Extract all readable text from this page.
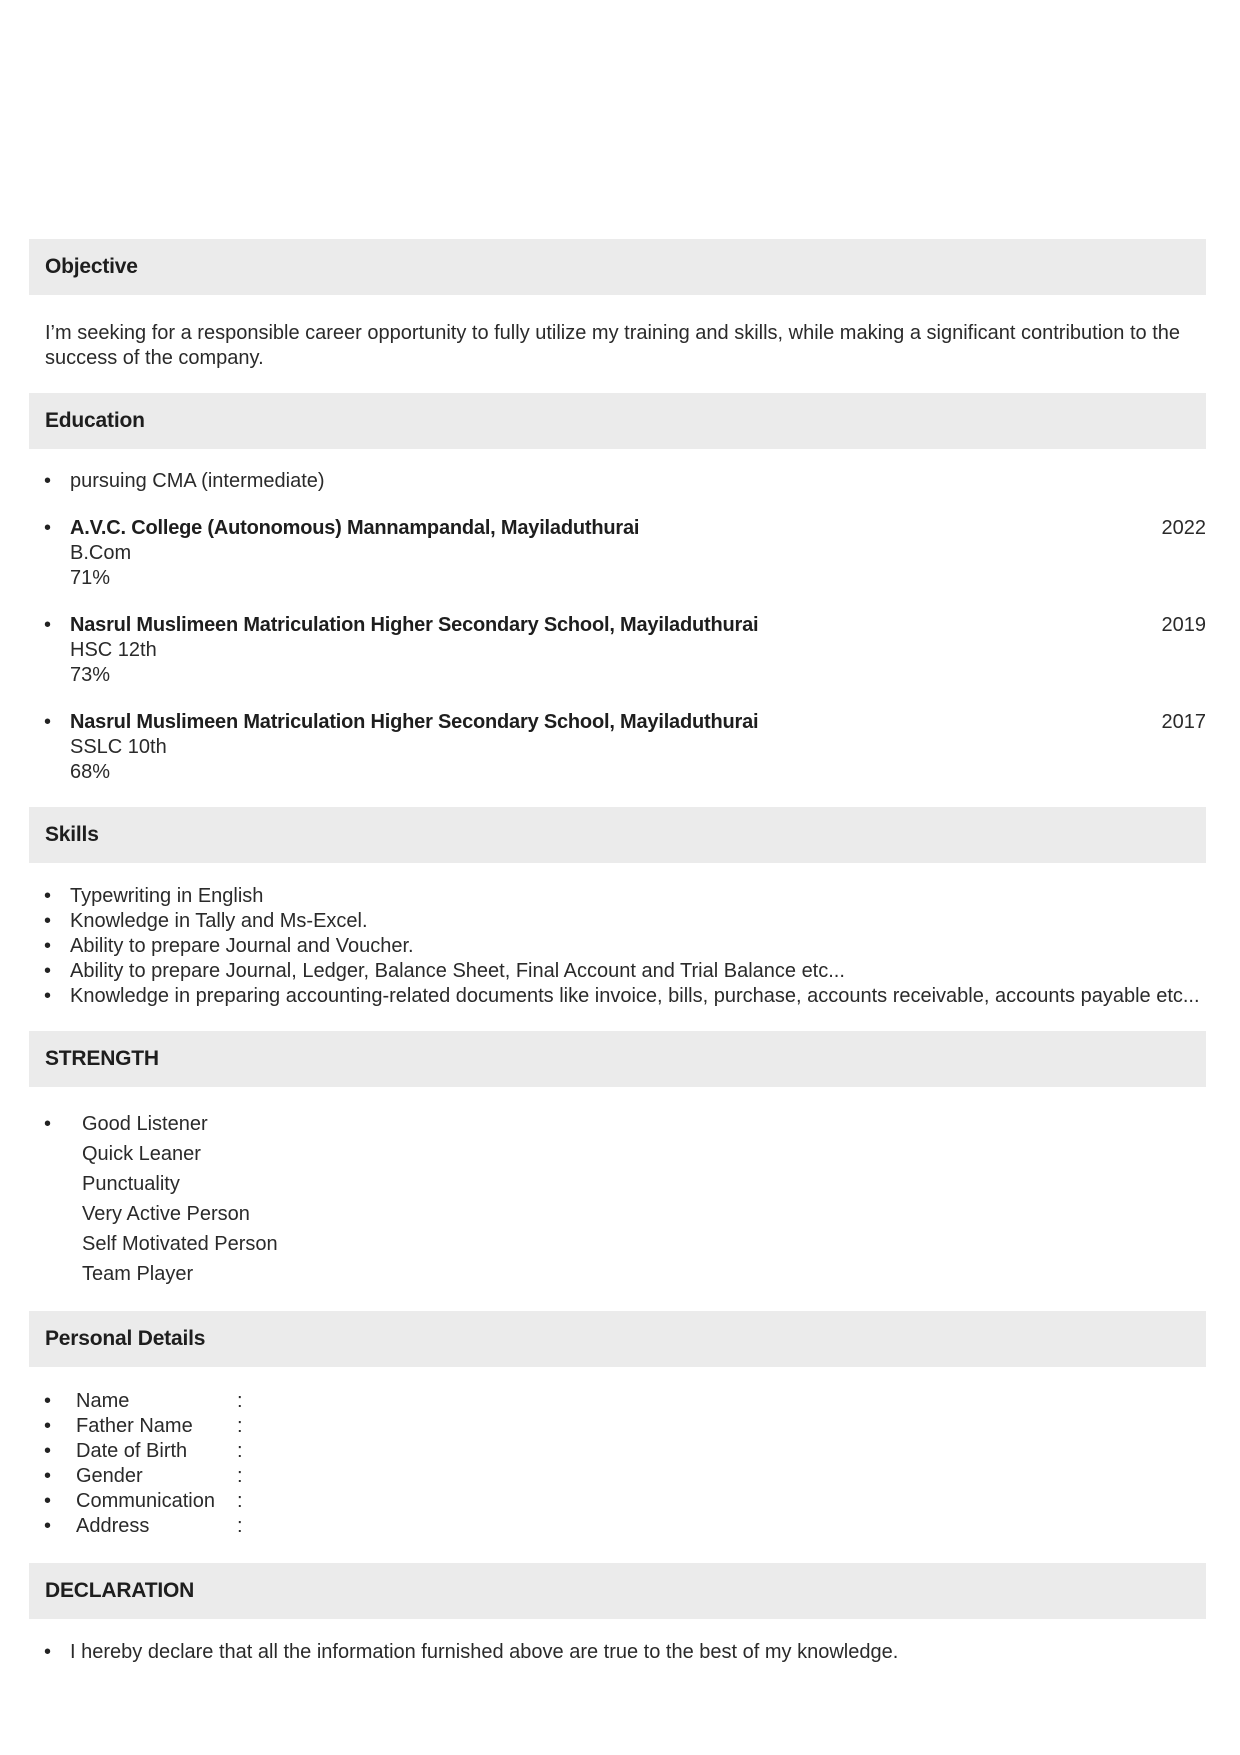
Objective

I’m seeking for a responsible career opportunity to fully utilize my training and skills, while making a significant contribution to the success of the company.

Education
• pursuing CMA (intermediate)
• A.V.C. College (Autonomous) Mannampandal, Mayiladuthurai	2022
B.Com
71%
• Nasrul Muslimeen Matriculation Higher Secondary School, Mayiladuthurai	2019
HSC 12th
73%
• Nasrul Muslimeen Matriculation Higher Secondary School, Mayiladuthurai	2017
SSLC 10th
68%
Skills
• Typewriting in English
• Knowledge in Tally and Ms-Excel.
• Ability to prepare Journal and Voucher.
• Ability to prepare Journal, Ledger, Balance Sheet, Final Account and Trial Balance etc...
• Knowledge in preparing accounting-related documents like invoice, bills, purchase, accounts receivable, accounts payable etc...
STRENGTH
• Good Listener
Quick Leaner
Punctuality
Very Active Person
Self Motivated Person
Team Player
Personal Details
• Name	:
• Father Name :
• Date of Birth :
• Gender	:
• Communication :
• Address	:
DECLARATION
• I hereby declare that all the information furnished above are true to the best of my knowledge.
